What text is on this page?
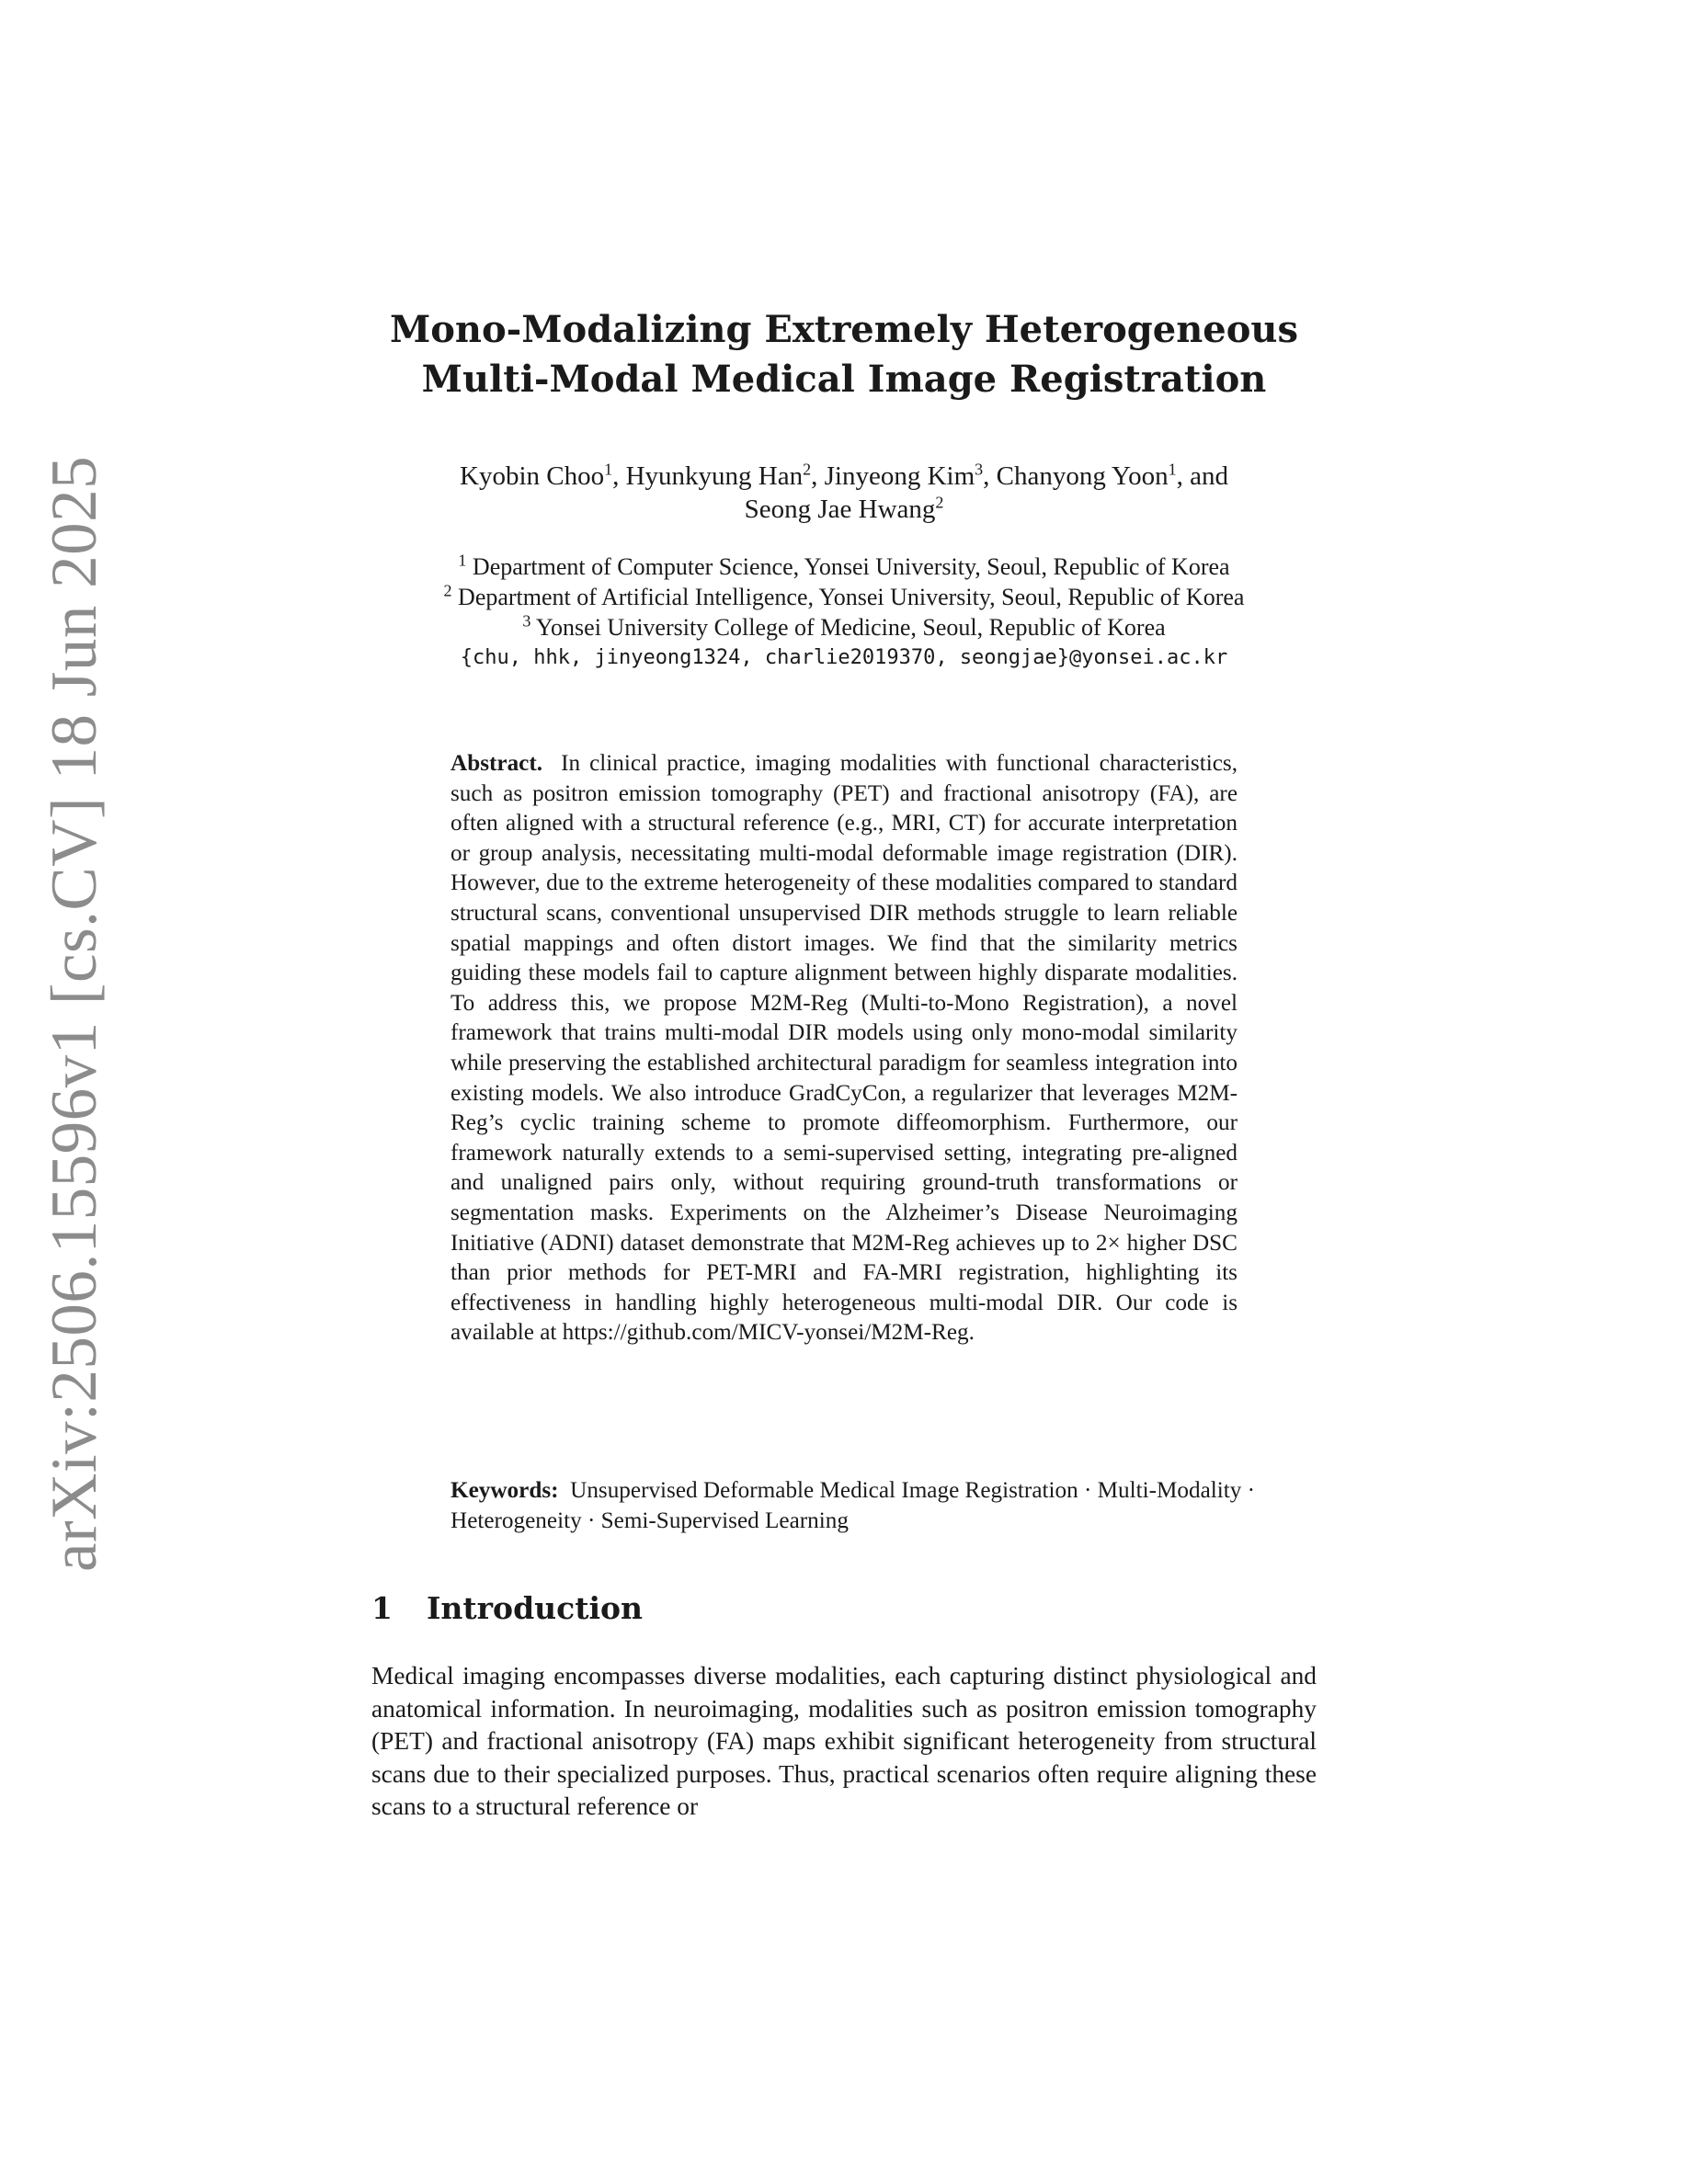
arXiv:2506.15596v1 [cs.CV] 18 Jun 2025

Mono-Modalizing Extremely Heterogeneous

Multi-Modal Medical Image Registration

Kyobin Choo$^1$, Hyunkyung Han$^2$, Jinyeong Kim$^3$, Chanyong Yoon$^1$, and
Seong Jae Hwang$^2$
$^1$ Department of Computer Science, Yonsei University, Seoul, Republic of Korea
$^2$ Department of Artificial Intelligence, Yonsei University, Seoul, Republic of Korea
$^3$ Yonsei University College of Medicine, Seoul, Republic of Korea
{chu, hhk, jinyeong1324, charlie2019370, seongjae}@yonsei.ac.kr
Abstract. In clinical practice, imaging modalities with functional characteristics, such as positron emission tomography (PET) and fractional anisotropy (FA), are often aligned with a structural reference (e.g., MRI, CT) for accurate interpretation or group analysis, necessitating multi-modal deformable image registration (DIR). However, due to the extreme heterogeneity of these modalities compared to standard structural scans, conventional unsupervised DIR methods struggle to learn reliable spatial mappings and often distort images. We find that the similarity metrics guiding these models fail to capture alignment between highly disparate modalities. To address this, we propose M2M-Reg (Multi-to-Mono Registration), a novel framework that trains multi-modal DIR models using only mono-modal similarity while preserving the established architectural paradigm for seamless integration into existing models. We also introduce GradCyCon, a regularizer that leverages M2M-Reg’s cyclic training scheme to promote diffeomorphism. Furthermore, our framework naturally extends to a semi-supervised setting, integrating pre-aligned and unaligned pairs only, without requiring ground-truth transformations or segmentation masks. Experiments on the Alzheimer’s Disease Neuroimaging Initiative (ADNI) dataset demonstrate that M2M-Reg achieves up to 2× higher DSC than prior methods for PET-MRI and FA-MRI registration, highlighting its effectiveness in handling highly heterogeneous multi-modal DIR. Our code is available at https://github.com/MICV-yonsei/M2M-Reg.
Keywords: Unsupervised Deformable Medical Image Registration · Multi-Modality · Heterogeneity · Semi-Supervised Learning
1 Introduction
Medical imaging encompasses diverse modalities, each capturing distinct physiological and anatomical information. In neuroimaging, modalities such as positron emission tomography (PET) and fractional anisotropy (FA) maps exhibit significant heterogeneity from structural scans due to their specialized purposes. Thus, practical scenarios often require aligning these scans to a structural reference or
